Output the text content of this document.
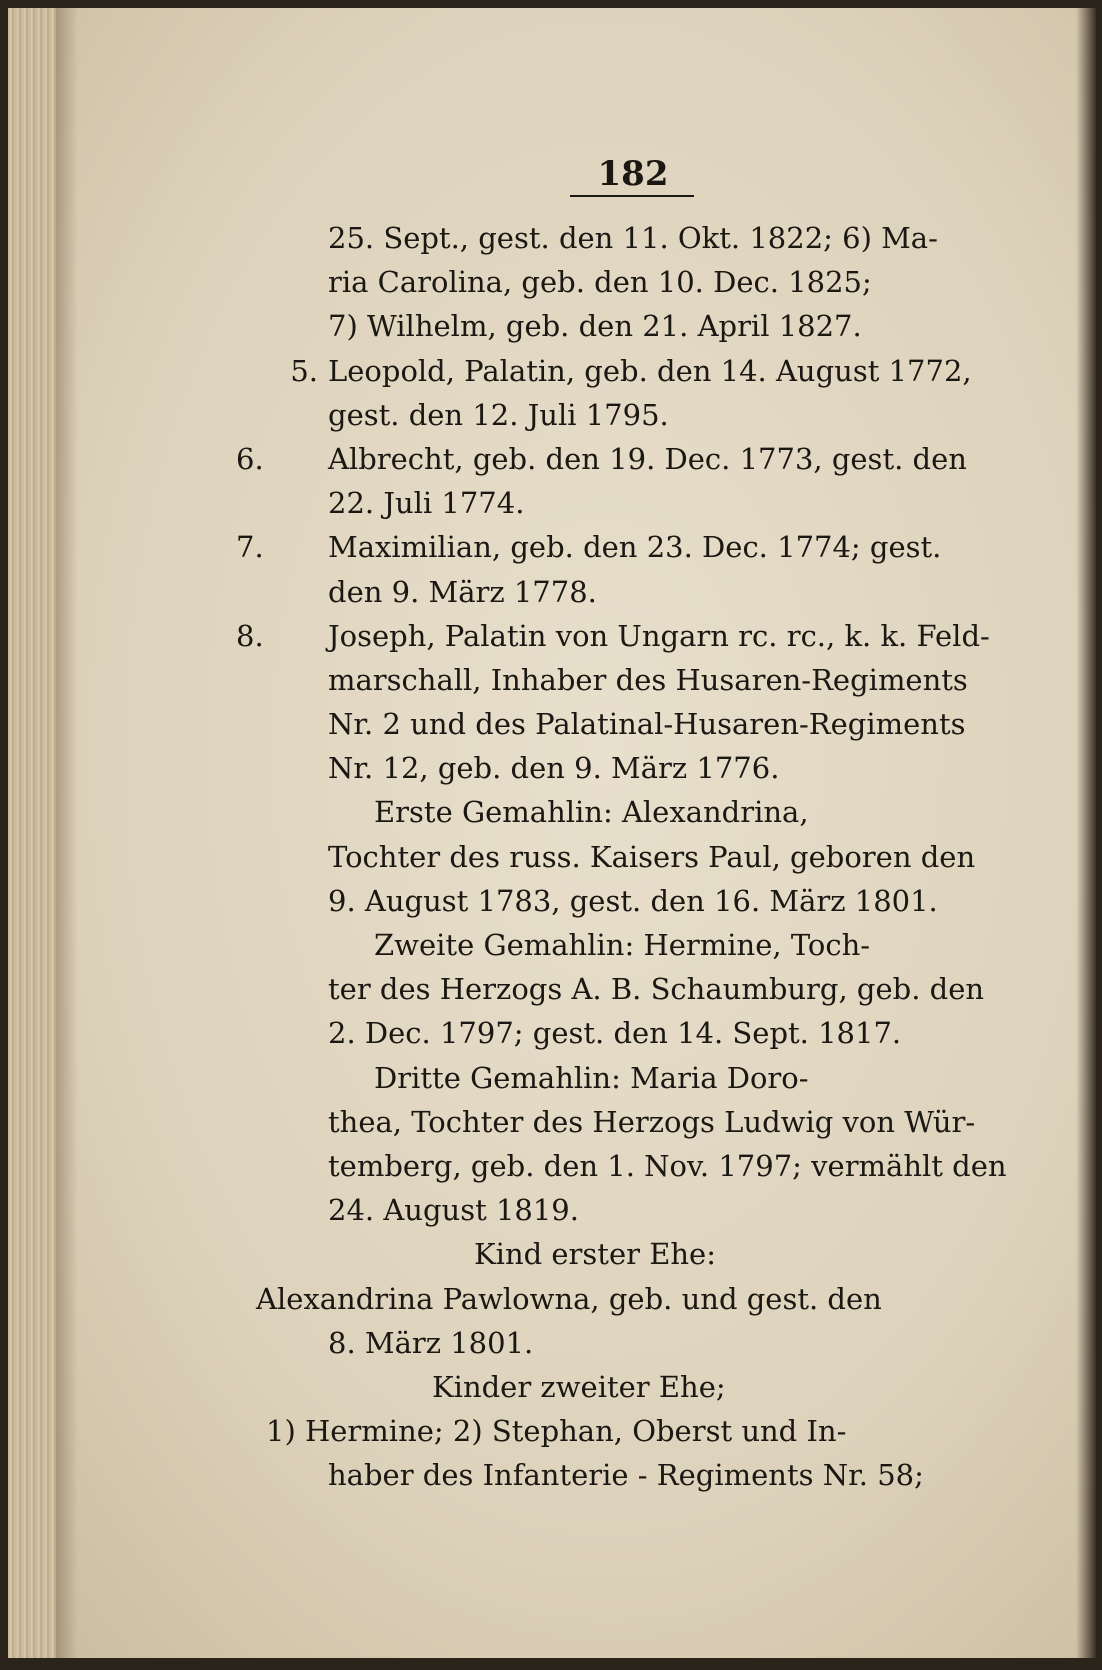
182
25. Sept., gest. den 11. Okt. 1822; 6) Ma-
ria Carolina, geb. den 10. Dec. 1825;
7) Wilhelm, geb. den 21. April 1827.
5. Leopold, Palatin, geb. den 14. August 1772,
gest. den 12. Juli 1795.
6. Albrecht, geb. den 19. Dec. 1773, gest. den
22. Juli 1774.
7. Maximilian, geb. den 23. Dec. 1774; gest.
den 9. März 1778.
8. Joseph, Palatin von Ungarn rc. rc., k. k. Feld-
marschall, Inhaber des Husaren-Regiments
Nr. 2 und des Palatinal-Husaren-Regiments
Nr. 12, geb. den 9. März 1776.
Erste Gemahlin: Alexandrina,
Tochter des russ. Kaisers Paul, geboren den
9. August 1783, gest. den 16. März 1801.
Zweite Gemahlin: Hermine, Toch-
ter des Herzogs A. B. Schaumburg, geb. den
2. Dec. 1797; gest. den 14. Sept. 1817.
Dritte Gemahlin: Maria Doro-
thea, Tochter des Herzogs Ludwig von Wür-
temberg, geb. den 1. Nov. 1797; vermählt den
24. August 1819.
Kind erster Ehe:
Alexandrina Pawlowna, geb. und gest. den
8. März 1801.
Kinder zweiter Ehe;
1) Hermine; 2) Stephan, Oberst und In-
haber des Infanterie - Regiments Nr. 58;
